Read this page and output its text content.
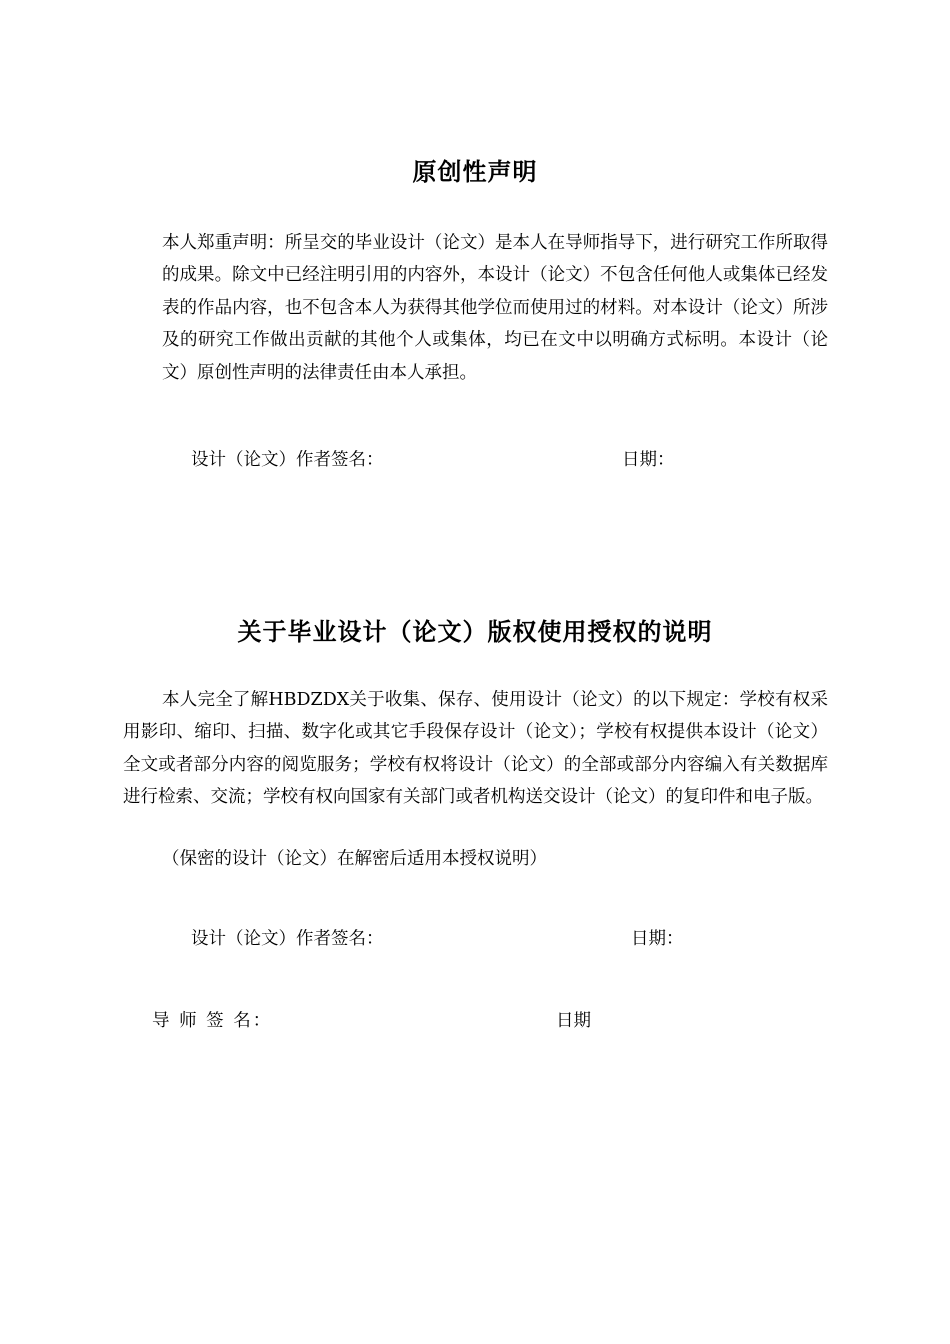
原创性声明
本人郑重声明：所呈交的毕业设计（论文）是本人在导师指导下，进行研究工作所取得的成果。除文中已经注明引用的内容外，本设计（论文）不包含任何他人或集体已经发表的作品内容，也不包含本人为获得其他学位而使用过的材料。对本设计（论文）所涉及的研究工作做出贡献的其他个人或集体，均已在文中以明确方式标明。本设计（论文）原创性声明的法律责任由本人承担。
设计（论文）作者签名：	日期：
关于毕业设计（论文）版权使用授权的说明
本人完全了解HBDZDX关于收集、保存、使用设计（论文）的以下规定：学校有权采用影印、缩印、扫描、数字化或其它手段保存设计（论文）；学校有权提供本设计（论文）全文或者部分内容的阅览服务；学校有权将设计（论文）的全部或部分内容编入有关数据库进行检索、交流；学校有权向国家有关部门或者机构送交设计（论文）的复印件和电子版。
（保密的设计（论文）在解密后适用本授权说明）
设计（论文）作者签名：	日期：
导 师 签 名：	日期
